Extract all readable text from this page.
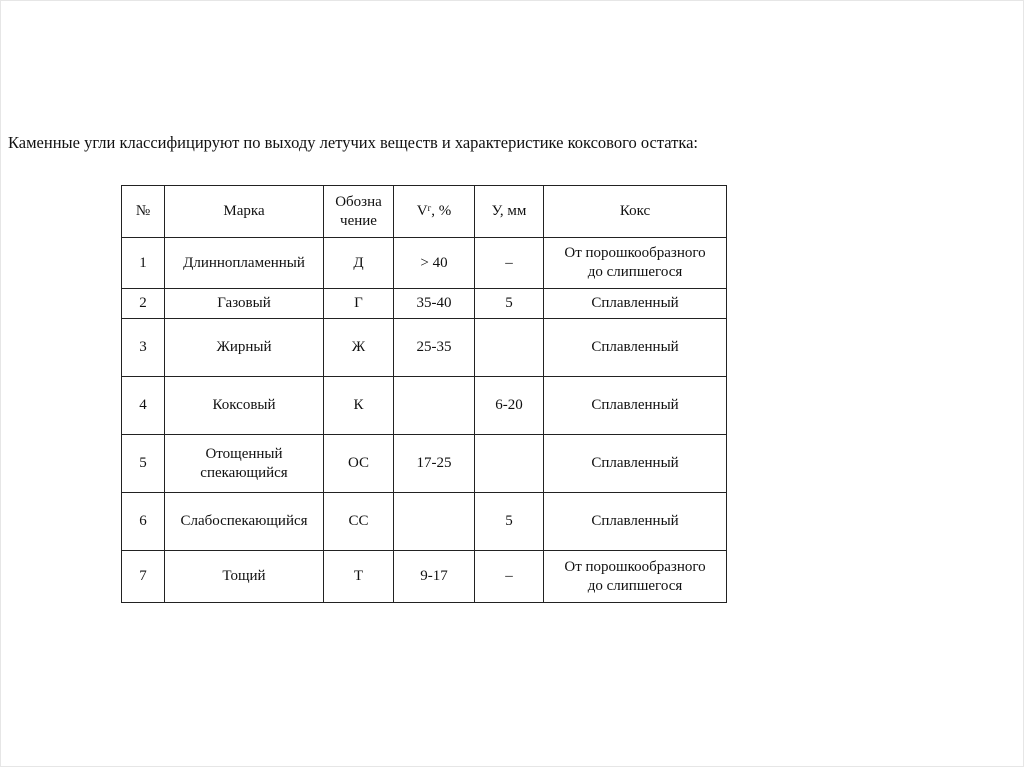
Каменные угли классифицируют по выходу летучих веществ и характеристике коксового остатка:
№	Марка	Обозна чение	$V^г$, %	У, мм	Кокс
1	Длиннопламенный	Д	> 40	–	От порошкообразного до слипшегося
2	Газовый	Г	35-40	5	Сплавленный
3	Жирный	Ж	25-35		Сплавленный
4	Коксовый	К		6-20	Сплавленный
5	Отощенный спекающийся	ОС	17-25		Сплавленный
6	Слабоспекающийся	СС		5	Сплавленный
7	Тощий	Т	9-17	–	От порошкообразного до слипшегося
